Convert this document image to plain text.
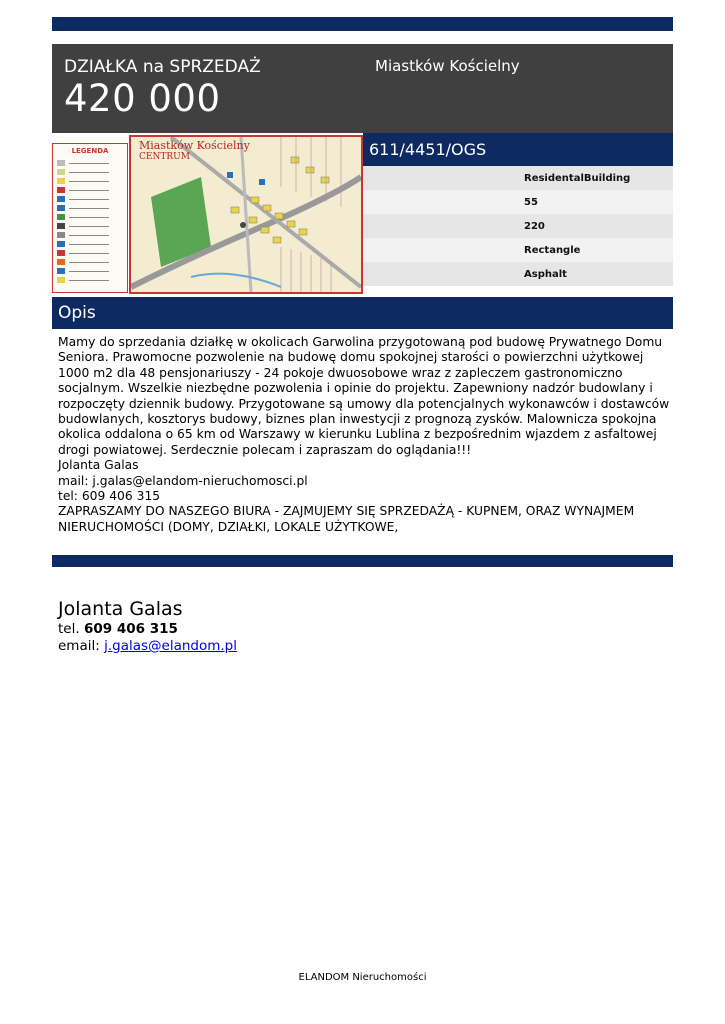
DZIAŁKA na SPRZEDAŻ
420 000
Miastków Kościelny
LEGENDA	Miastków Kościelny
CENTRUM	611/4451/OGS
ResidentalBuilding
55
220
Rectangle
Asphalt
Opis
Mamy do sprzedania działkę w okolicach Garwolina przygotowaną pod budowę Prywatnego Domu
Seniora. Prawomocne pozwolenie na budowę domu spokojnej starości o powierzchni użytkowej
1000 m2 dla 48 pensjonariuszy - 24 pokoje dwuosobowe wraz z zapleczem gastronomiczno
socjalnym. Wszelkie niezbędne pozwolenia i opinie do projektu. Zapewniony nadzór budowlany i
rozpoczęty dziennik budowy. Przygotowane są umowy dla potencjalnych wykonawców i dostawców
budowlanych, kosztorys budowy, biznes plan inwestycji z prognozą zysków. Malownicza spokojna
okolica oddalona o 65 km od Warszawy w kierunku Lublina z bezpośrednim wjazdem z asfaltowej
drogi powiatowej. Serdecznie polecam i zapraszam do oglądania!!!
Jolanta Galas
mail: j.galas@elandom-nieruchomosci.pl
tel: 609 406 315
ZAPRASZAMY DO NASZEGO BIURA - ZAJMUJEMY SIĘ SPRZEDAŻĄ - KUPNEM, ORAZ WYNAJMEM
NIERUCHOMOŚCI (DOMY, DZIAŁKI, LOKALE UŻYTKOWE,
Jolanta Galas
tel. 609 406 315
email: j.galas@elandom.pl
ELANDOM Nieruchomości
